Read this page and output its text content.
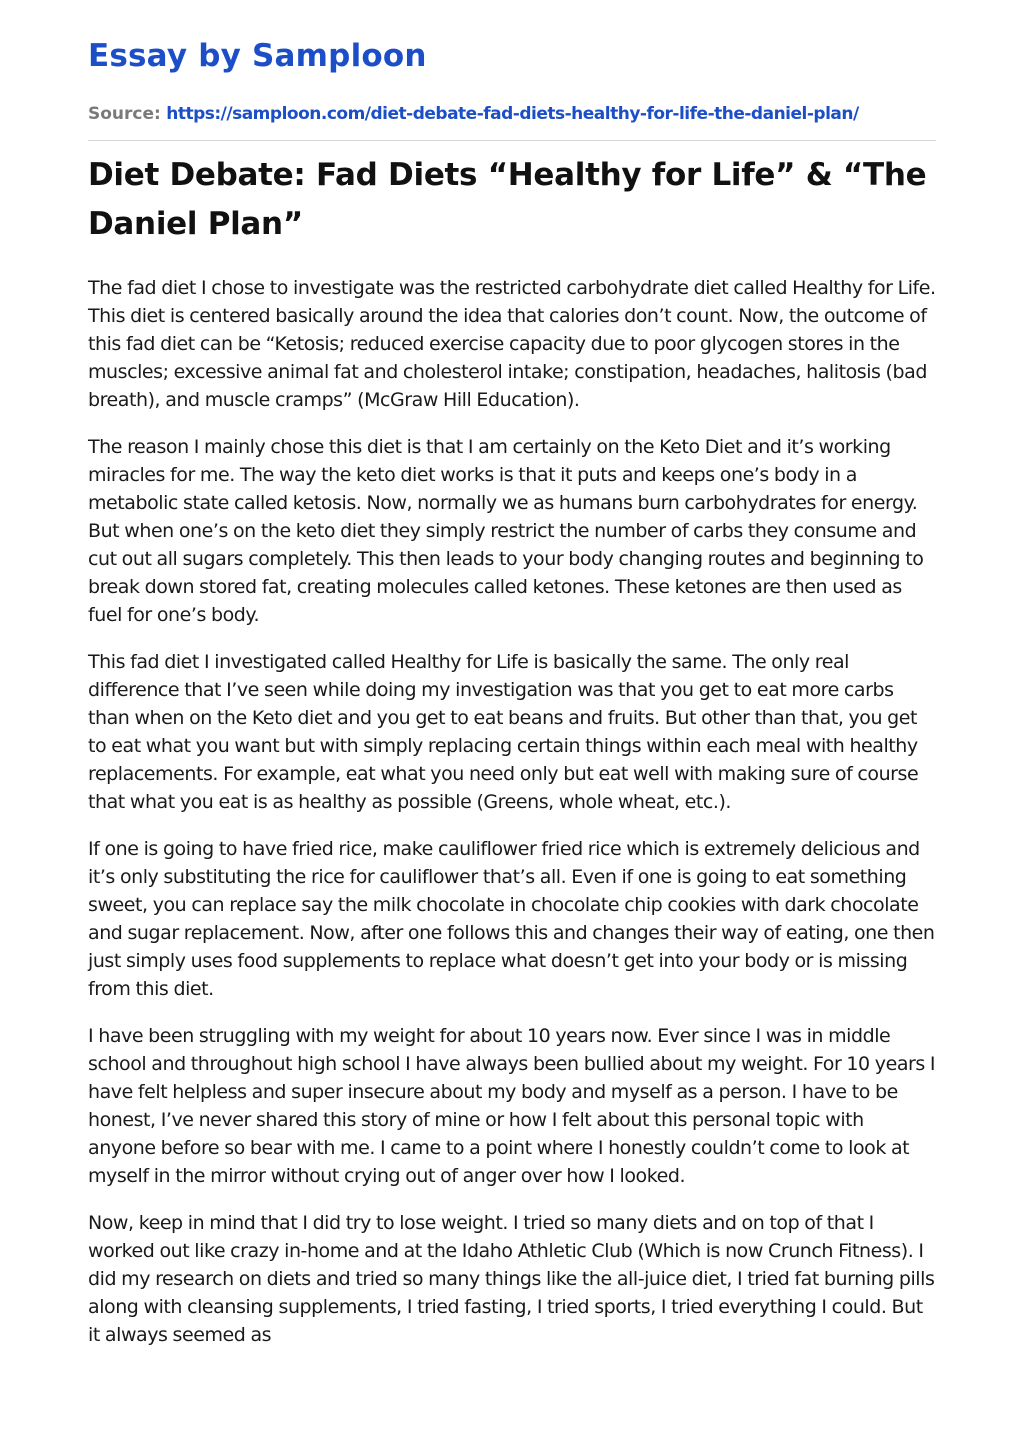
Essay by Samploon
Source: https://samploon.com/diet-debate-fad-diets-healthy-for-life-the-daniel-plan/
Diet Debate: Fad Diets “Healthy for Life” & “The Daniel Plan”

The fad diet I chose to investigate was the restricted carbohydrate diet called Healthy for Life. This diet is centered basically around the idea that calories don’t count. Now, the outcome of this fad diet can be “Ketosis; reduced exercise capacity due to poor glycogen stores in the muscles; excessive animal fat and cholesterol intake; constipation, headaches, halitosis (bad breath), and muscle cramps” (McGraw Hill Education).

The reason I mainly chose this diet is that I am certainly on the Keto Diet and it’s working miracles for me. The way the keto diet works is that it puts and keeps one’s body in a metabolic state called ketosis. Now, normally we as humans burn carbohydrates for energy. But when one’s on the keto diet they simply restrict the number of carbs they consume and cut out all sugars completely. This then leads to your body changing routes and beginning to break down stored fat, creating molecules called ketones. These ketones are then used as fuel for one’s body.

This fad diet I investigated called Healthy for Life is basically the same. The only real difference that I’ve seen while doing my investigation was that you get to eat more carbs than when on the Keto diet and you get to eat beans and fruits. But other than that, you get to eat what you want but with simply replacing certain things within each meal with healthy replacements. For example, eat what you need only but eat well with making sure of course that what you eat is as healthy as possible (Greens, whole wheat, etc.).

If one is going to have fried rice, make cauliflower fried rice which is extremely delicious and it’s only substituting the rice for cauliflower that’s all. Even if one is going to eat something sweet, you can replace say the milk chocolate in chocolate chip cookies with dark chocolate and sugar replacement. Now, after one follows this and changes their way of eating, one then just simply uses food supplements to replace what doesn’t get into your body or is missing from this diet.

I have been struggling with my weight for about 10 years now. Ever since I was in middle school and throughout high school I have always been bullied about my weight. For 10 years I have felt helpless and super insecure about my body and myself as a person. I have to be honest, I’ve never shared this story of mine or how I felt about this personal topic with anyone before so bear with me. I came to a point where I honestly couldn’t come to look at myself in the mirror without crying out of anger over how I looked.

Now, keep in mind that I did try to lose weight. I tried so many diets and on top of that I worked out like crazy in-home and at the Idaho Athletic Club (Which is now Crunch Fitness). I did my research on diets and tried so many things like the all-juice diet, I tried fat burning pills along with cleansing supplements, I tried fasting, I tried sports, I tried everything I could. But it always seemed as
